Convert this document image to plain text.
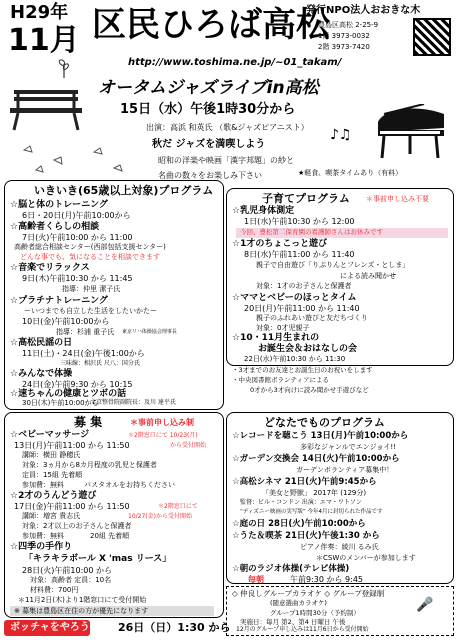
H29年
11月 区民ひろば高松
発行NPO法人おおきな木
豊島区高松 2-25-9
1階 3973-0032
2階 3973-7420
http://www.toshima.ne.jp/~01_takam/
オータムジャズライブin高松
15日（水）午後1時30分から
出演：高浜 和英氏 （歌&ジャズピアニスト）
秋だ ジャズを満喫しよう
昭和の洋楽や映画「漢字邦題」の紗と
名曲の数々をお楽しみ下さい	★軽食、喫茶タイムあり（有料）
♪♫
いきいき(65歳以上対象)プログラム
☆脳と体のトレーニング
6日・20日(月)午前10:00から
☆高齢者くらしの相談
7日(火)午前10:00 から 11:00
高齢者総合相談センター(西部包括支援センター)
どんな事でも、気になることを相談できます
☆音楽でリラックス
9日(木)午前10:30 から 11:45
指導：仲里 潔子氏
☆プラチナトレーニング
ーいつまでも自立した生活をしたいかたー
10日(金)午前10:00から
指導：杉浦 重子氏 東京リハ体操協会理事長
☆高松民謡の日
11日(土)・24日(金)午後1:00から
三味線：相沢氏 尺八：国分氏
☆みんなで体操
24日(金)午前9:30 から 10:15
☆速ちゃんの健康とツボの話
30日(木)午前10:00から
文京整骨院副院長：及川 達平氏
募 集	＊事前申し込み制
☆ベビーマッサージ	＊2階窓口にて 10/23(月)
13日(月)午前11:00 から 11:50	から受付開始
講師：横田 静穂氏
対象：3ヵ月から8カ月程度の乳児と保護者
定員：15組 先着順
参加費：無料	バスタオルをお持ちください
☆2才のうんどう遊び
17日(金)午前11:00 から 11:50	＊2階窓口にて
講師：増宮 貴志氏	10/27(金)から受付開始
対象：2才以上のお子さんと保護者
参加費：無料	20組 先着順
☆四季の手作り
「キラキラボール X 'mas リース」
28日(火)午前10:00 から
対象：高齢者 定員：10名
材料費：700円
＊11月2日(木)より1階窓口にて受付開始
※ 募集は豊島区在住の方が優先になります
ボッチャをやろう	26日（日）1:30 から
子育てプログラム ＊事前申し込み不要
☆乳児身体測定
1日(水)午前10:30 から 12:00
今回、豊松第二保育園の看護師さんはお休みです
☆1才のちょこっと遊び
8日(水)午前11:00 から 11:40
親子で自由遊び「りぷりんとフレンズ・としま」
による読み聞かせ
対象：1才のお子さんと保護者
☆ママとベビーのほっとタイム
20日(月)午前11:00 から 11:40
親子のふれあい遊びと友だちづくり
対象：0才児親子
☆10・11月生まれの
お誕生会＆おはなしの会
22日(水)午前10:30 から 11:30
・3才までのお友達とお誕生日のお祝いをします
・中央図書館ボランティアによる
0才から3才向けに読み聞かせ手遊びなど
どなたでものプログラム
☆レコードを聴こう 13日(月)午前10:00から
多彩なジャンルでエンジョイ!!
☆ガーデン交換会 14日(火)午前10:00から
ガーデンボランティア募集中！
☆高松シネマ 21日(火)午前9:45から
「美女と野獣」 2017年 (129分)
監督：ビル・コンドン 出演：エマ・ワトソン
“ディズニー映画の実写版” 今年4月に封切られた作品です
☆庭の日 28日(火)午前10:00から
☆うた＆喫茶 21日(火)午後1:30 から
ピアノ伴奏：綾川 るみ氏
＊CSWのメンバーが参加します
☆朝のラジオ体操(テレビ体操)
毎朝	午前9:30 から 9:45
◇ 仲良しグループカラオケ ◇ グループ登録制
(随意選曲カラオケ)
グループ1時間30分（予約制）
実施日：毎月 第2、第4 日曜日 午後
12月のグループ申し込みは11月6日から受付開始
🎤
